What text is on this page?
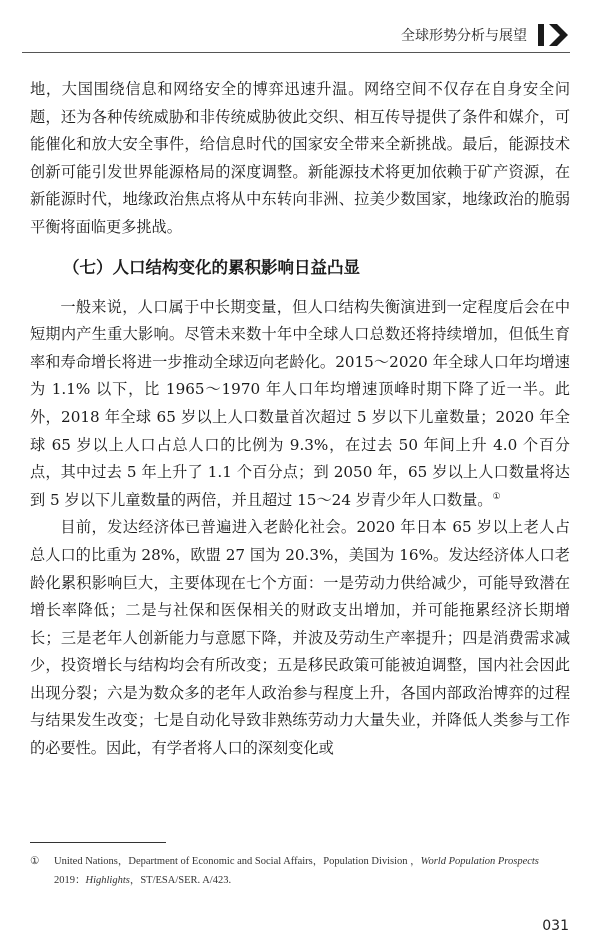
全球形势分析与展望

地，大国围绕信息和网络安全的博弈迅速升温。网络空间不仅存在自身安全问题，还为各种传统威胁和非传统威胁彼此交织、相互传导提供了条件和媒介，可能催化和放大安全事件，给信息时代的国家安全带来全新挑战。最后，能源技术创新可能引发世界能源格局的深度调整。新能源技术将更加依赖于矿产资源，在新能源时代，地缘政治焦点将从中东转向非洲、拉美少数国家，地缘政治的脆弱平衡将面临更多挑战。

（七）人口结构变化的累积影响日益凸显

一般来说，人口属于中长期变量，但人口结构失衡演进到一定程度后会在中短期内产生重大影响。尽管未来数十年中全球人口总数还将持续增加，但低生育率和寿命增长将进一步推动全球迈向老龄化。2015～2020 年全球人口年均增速为 1.1% 以下，比 1965～1970 年人口年均增速顶峰时期下降了近一半。此外，2018 年全球 65 岁以上人口数量首次超过 5 岁以下儿童数量；2020 年全球 65 岁以上人口占总人口的比例为 9.3%，在过去 50 年间上升 4.0 个百分点，其中过去 5 年上升了 1.1 个百分点；到 2050 年，65 岁以上人口数量将达到 5 岁以下儿童数量的两倍，并且超过 15～24 岁青少年人口数量。①

目前，发达经济体已普遍进入老龄化社会。2020 年日本 65 岁以上老人占总人口的比重为 28%，欧盟 27 国为 20.3%，美国为 16%。发达经济体人口老龄化累积影响巨大，主要体现在七个方面：一是劳动力供给减少，可能导致潜在增长率降低；二是与社保和医保相关的财政支出增加，并可能拖累经济长期增长；三是老年人创新能力与意愿下降，并波及劳动生产率提升；四是消费需求减少，投资增长与结构均会有所改变；五是移民政策可能被迫调整，国内社会因此出现分裂；六是为数众多的老年人政治参与程度上升，各国内部政治博弈的过程与结果发生改变；七是自动化导致非熟练劳动力大量失业，并降低人类参与工作的必要性。因此，有学者将人口的深刻变化或

① United Nations，Department of Economic and Social Affairs，Population Division ，World Population Prospects
2019：Highlights，ST/ESA/SER. A/423.
031
